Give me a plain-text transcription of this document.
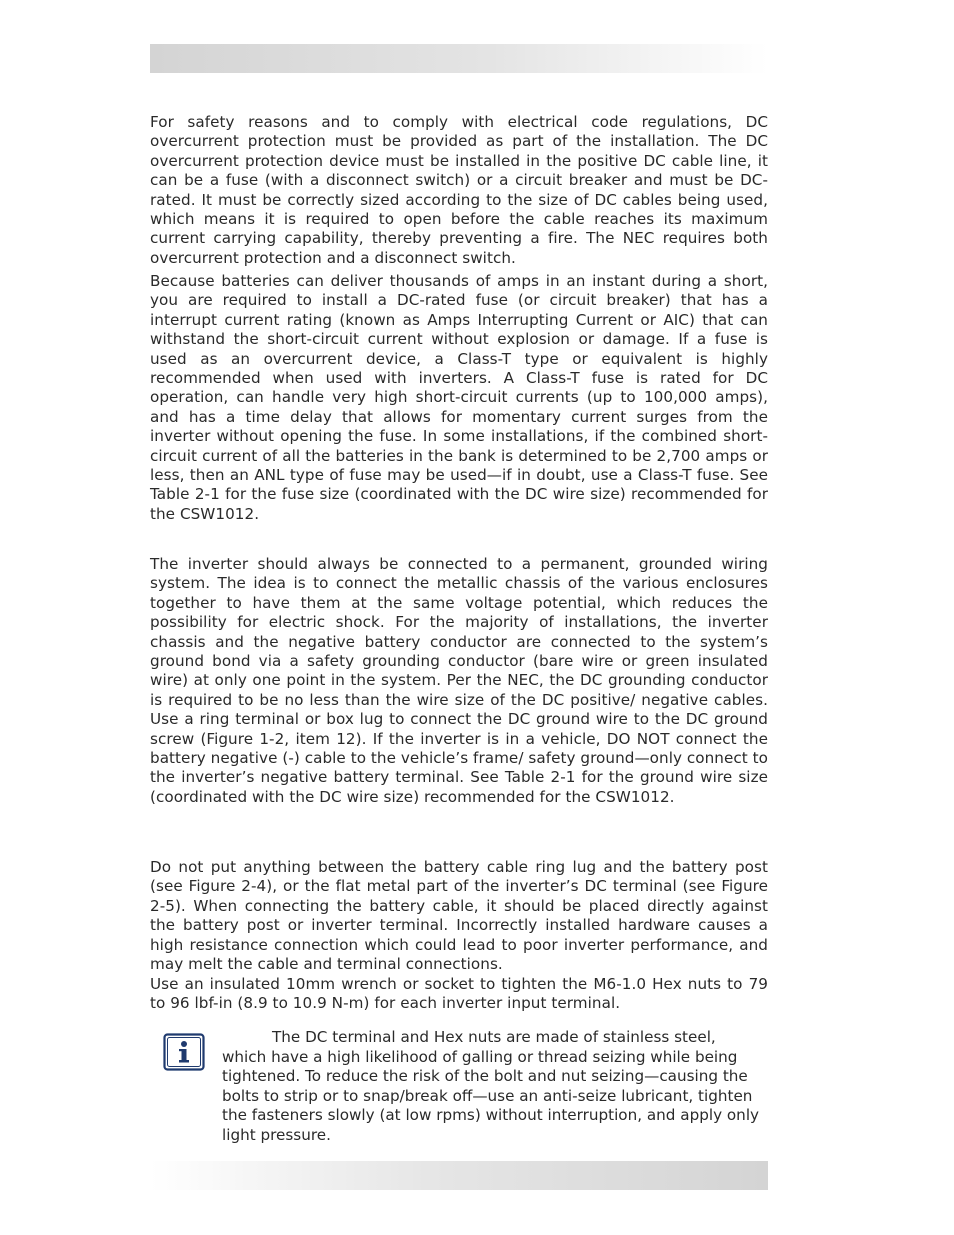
For safety reasons and to comply with electrical code regulations, DC overcurrent protection must be provided as part of the installation. The DC overcurrent protection device must be installed in the positive DC cable line, it can be a fuse (with a disconnect switch) or a circuit breaker and must be DC-rated. It must be correctly sized according to the size of DC cables being used, which means it is required to open before the cable reaches its maximum current carrying capability, thereby preventing a fire. The NEC requires both overcurrent protection and a disconnect switch.

Because batteries can deliver thousands of amps in an instant during a short, you are required to install a DC-rated fuse (or circuit breaker) that has a interrupt current rating (known as Amps Interrupting Current or AIC) that can withstand the short-circuit current without explosion or damage. If a fuse is used as an overcurrent device, a Class-T type or equivalent is highly recommended when used with inverters. A Class-T fuse is rated for DC operation, can handle very high short-circuit currents (up to 100,000 amps), and has a time delay that allows for momentary current surges from the inverter without opening the fuse. In some installations, if the combined short-circuit current of all the batteries in the bank is determined to be 2,700 amps or less, then an ANL type of fuse may be used—if in doubt, use a Class-T fuse. See Table 2-1 for the fuse size (coordinated with the DC wire size) recommended for the CSW1012.

The inverter should always be connected to a permanent, grounded wiring system. The idea is to connect the metallic chassis of the various enclosures together to have them at the same voltage potential, which reduces the possibility for electric shock. For the majority of installations, the inverter chassis and the negative battery conductor are connected to the system’s ground bond via a safety grounding conductor (bare wire or green insulated wire) at only one point in the system. Per the NEC, the DC grounding conductor is required to be no less than the wire size of the DC positive/ negative cables. Use a ring terminal or box lug to connect the DC ground wire to the DC ground screw (Figure 1-2, item 12). If the inverter is in a vehicle, DO NOT connect the battery negative (-) cable to the vehicle’s frame/ safety ground—only connect to the inverter’s negative battery terminal. See Table 2-1 for the ground wire size (coordinated with the DC wire size) recommended for the CSW1012.

Do not put anything between the battery cable ring lug and the battery post (see Figure 2-4), or the flat metal part of the inverter’s DC terminal (see Figure 2-5). When connecting the battery cable, it should be placed directly against the battery post or inverter terminal. Incorrectly installed hardware causes a high resistance connection which could lead to poor inverter performance, and may melt the cable and terminal connections.

Use an insulated 10mm wrench or socket to tighten the M6-1.0 Hex nuts to 79 to 96 lbf-in (8.9 to 10.9 N-m) for each inverter input terminal.

The DC terminal and Hex nuts are made of stainless steel, which have a high likelihood of galling or thread seizing while being tightened. To reduce the risk of the bolt and nut seizing—causing the bolts to strip or to snap/break off—use an anti-seize lubricant, tighten the fasteners slowly (at low rpms) without interruption, and apply only light pressure.
